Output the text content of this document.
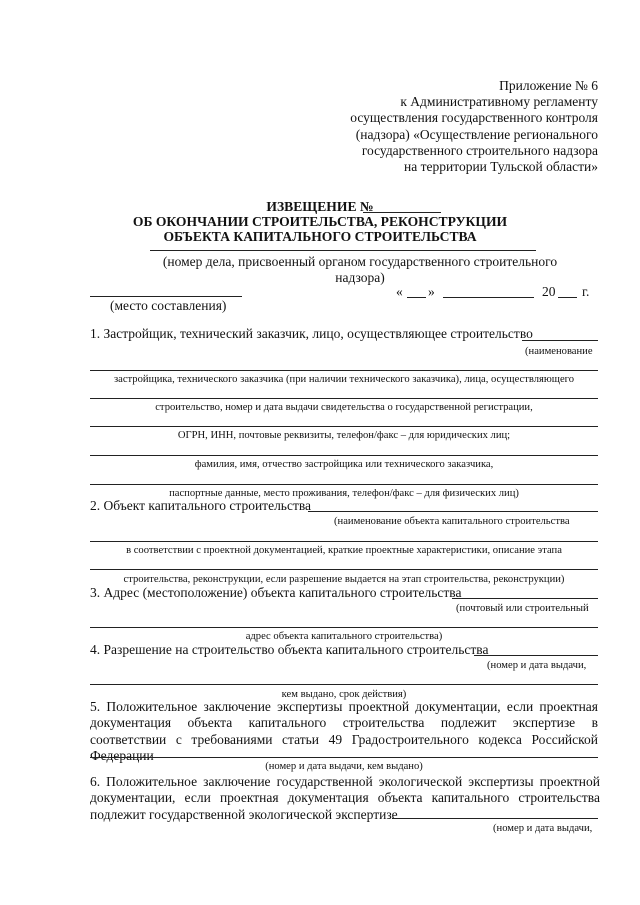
Приложение № 6
к Административному регламенту
осуществления государственного контроля
(надзора) «Осуществление регионального
государственного строительного надзора
на территории Тульской области»
ИЗВЕЩЕНИЕ №
ОБ ОКОНЧАНИИ СТРОИТЕЛЬСТВА, РЕКОНСТРУКЦИИ
ОБЪЕКТА КАПИТАЛЬНОГО СТРОИТЕЛЬСТВА
(номер дела, присвоенный органом государственного строительного
надзора)
(место составления)
« »	20 г.
1. Застройщик, технический заказчик, лицо, осуществляющее строительство
(наименование
застройщика, технического заказчика (при наличии технического заказчика), лица, осуществляющего
строительство, номер и дата выдачи свидетельства о государственной регистрации,
ОГРН, ИНН, почтовые реквизиты, телефон/факс – для юридических лиц;
фамилия, имя, отчество застройщика или технического заказчика,
паспортные данные, место проживания, телефон/факс – для физических лиц)
2. Объект капитального строительства
(наименование объекта капитального строительства
в соответствии с проектной документацией, краткие проектные характеристики, описание этапа
строительства, реконструкции, если разрешение выдается на этап строительства, реконструкции)
3. Адрес (местоположение) объекта капитального строительства
(почтовый или строительный
адрес объекта капитального строительства)
4. Разрешение на строительство объекта капитального строительства
(номер и дата выдачи,
кем выдано, срок действия)
5. Положительное заключение экспертизы проектной документации, если проектная документация объекта капитального строительства подлежит экспертизе в соответствии с требованиями статьи 49 Градостроительного кодекса Российской Федерации
(номер и дата выдачи, кем выдано)
6. Положительное заключение государственной экологической экспертизы проектной документации, если проектная документация объекта капитального строительства подлежит государственной экологической экспертизе
(номер и дата выдачи,
